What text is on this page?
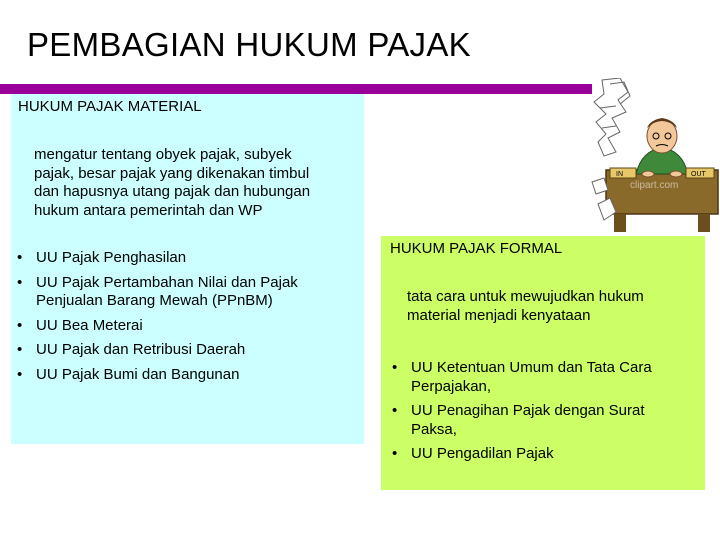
PEMBAGIAN HUKUM PAJAK
HUKUM PAJAK MATERIAL
mengatur tentang obyek pajak, subyek
pajak, besar pajak yang dikenakan timbul
dan hapusnya utang pajak dan hubungan
hukum antara pemerintah dan WP
• UU Pajak Penghasilan
• UU Pajak Pertambahan Nilai dan Pajak
Penjualan Barang Mewah (PPnBM)
• UU Bea Meterai
• UU Pajak dan Retribusi Daerah
• UU Pajak Bumi dan Bangunan
HUKUM PAJAK FORMAL
tata cara untuk mewujudkan hukum
material menjadi kenyataan
• UU Ketentuan Umum dan Tata Cara
Perpajakan,
• UU Penagihan Pajak dengan Surat
Paksa,
• UU Pengadilan Pajak
IN	OUT
clipart.com
